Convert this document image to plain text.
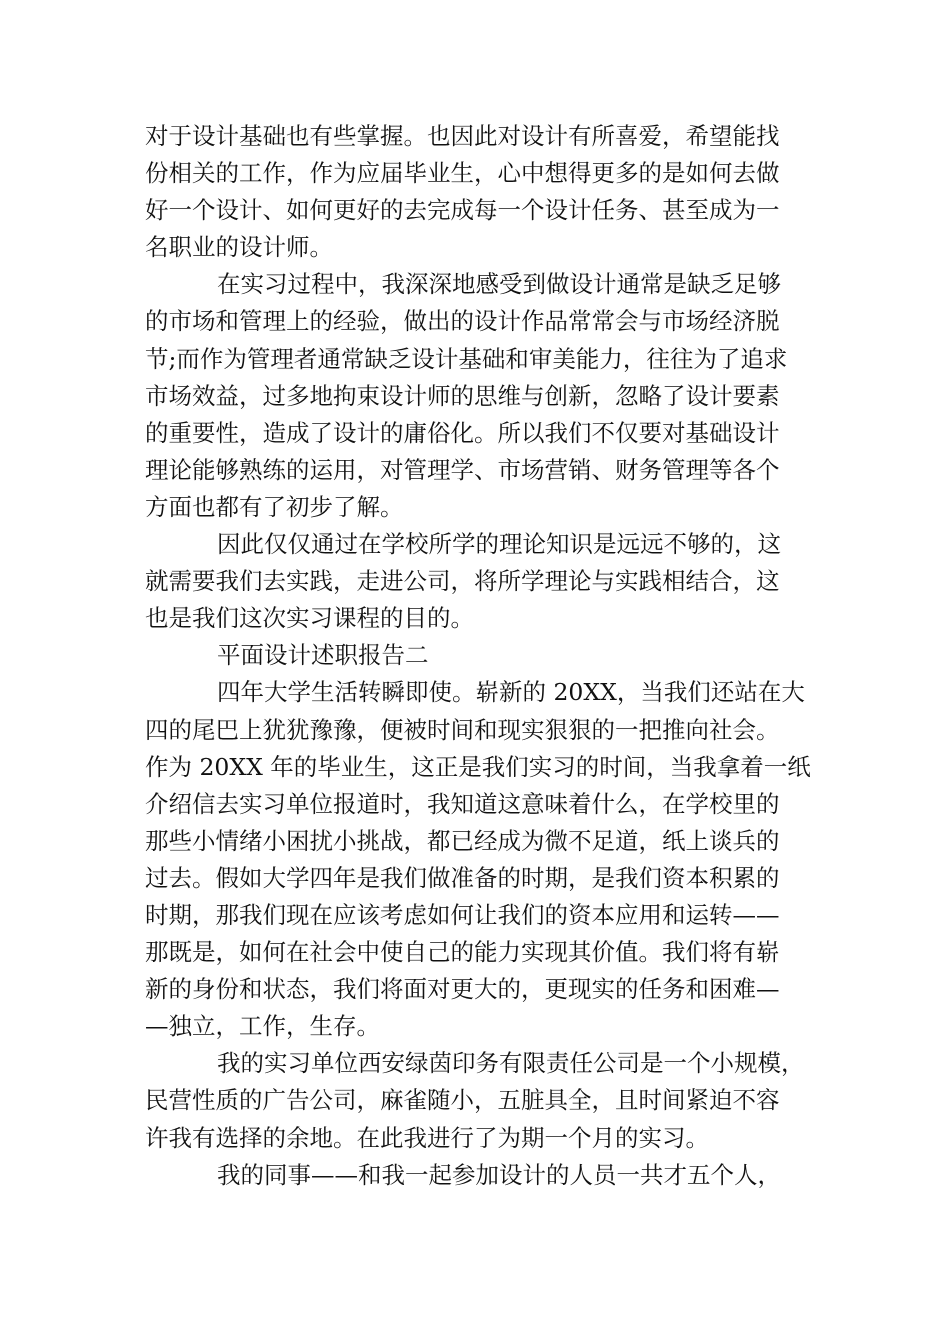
对于设计基础也有些掌握。也因此对设计有所喜爱，希望能找

份相关的工作，作为应届毕业生，心中想得更多的是如何去做

好一个设计、如何更好的去完成每一个设计任务、甚至成为一

名职业的设计师。

在实习过程中，我深深地感受到做设计通常是缺乏足够

的市场和管理上的经验，做出的设计作品常常会与市场经济脱

节;而作为管理者通常缺乏设计基础和审美能力，往往为了追求

市场效益，过多地拘束设计师的思维与创新，忽略了设计要素

的重要性，造成了设计的庸俗化。所以我们不仅要对基础设计

理论能够熟练的运用，对管理学、市场营销、财务管理等各个

方面也都有了初步了解。

因此仅仅通过在学校所学的理论知识是远远不够的，这

就需要我们去实践，走进公司，将所学理论与实践相结合，这

也是我们这次实习课程的目的。

平面设计述职报告二

四年大学生活转瞬即使。崭新的 20XX，当我们还站在大

四的尾巴上犹犹豫豫，便被时间和现实狠狠的一把推向社会。

作为 20XX 年的毕业生，这正是我们实习的时间，当我拿着一纸

介绍信去实习单位报道时，我知道这意味着什么，在学校里的

那些小情绪小困扰小挑战，都已经成为微不足道，纸上谈兵的

过去。假如大学四年是我们做准备的时期，是我们资本积累的

时期，那我们现在应该考虑如何让我们的资本应用和运转——

那既是，如何在社会中使自己的能力实现其价值。我们将有崭

新的身份和状态，我们将面对更大的，更现实的任务和困难—

—独立，工作，生存。

我的实习单位西安绿茵印务有限责任公司是一个小规模，

民营性质的广告公司，麻雀随小，五脏具全，且时间紧迫不容

许我有选择的余地。在此我进行了为期一个月的实习。

我的同事——和我一起参加设计的人员一共才五个人，
